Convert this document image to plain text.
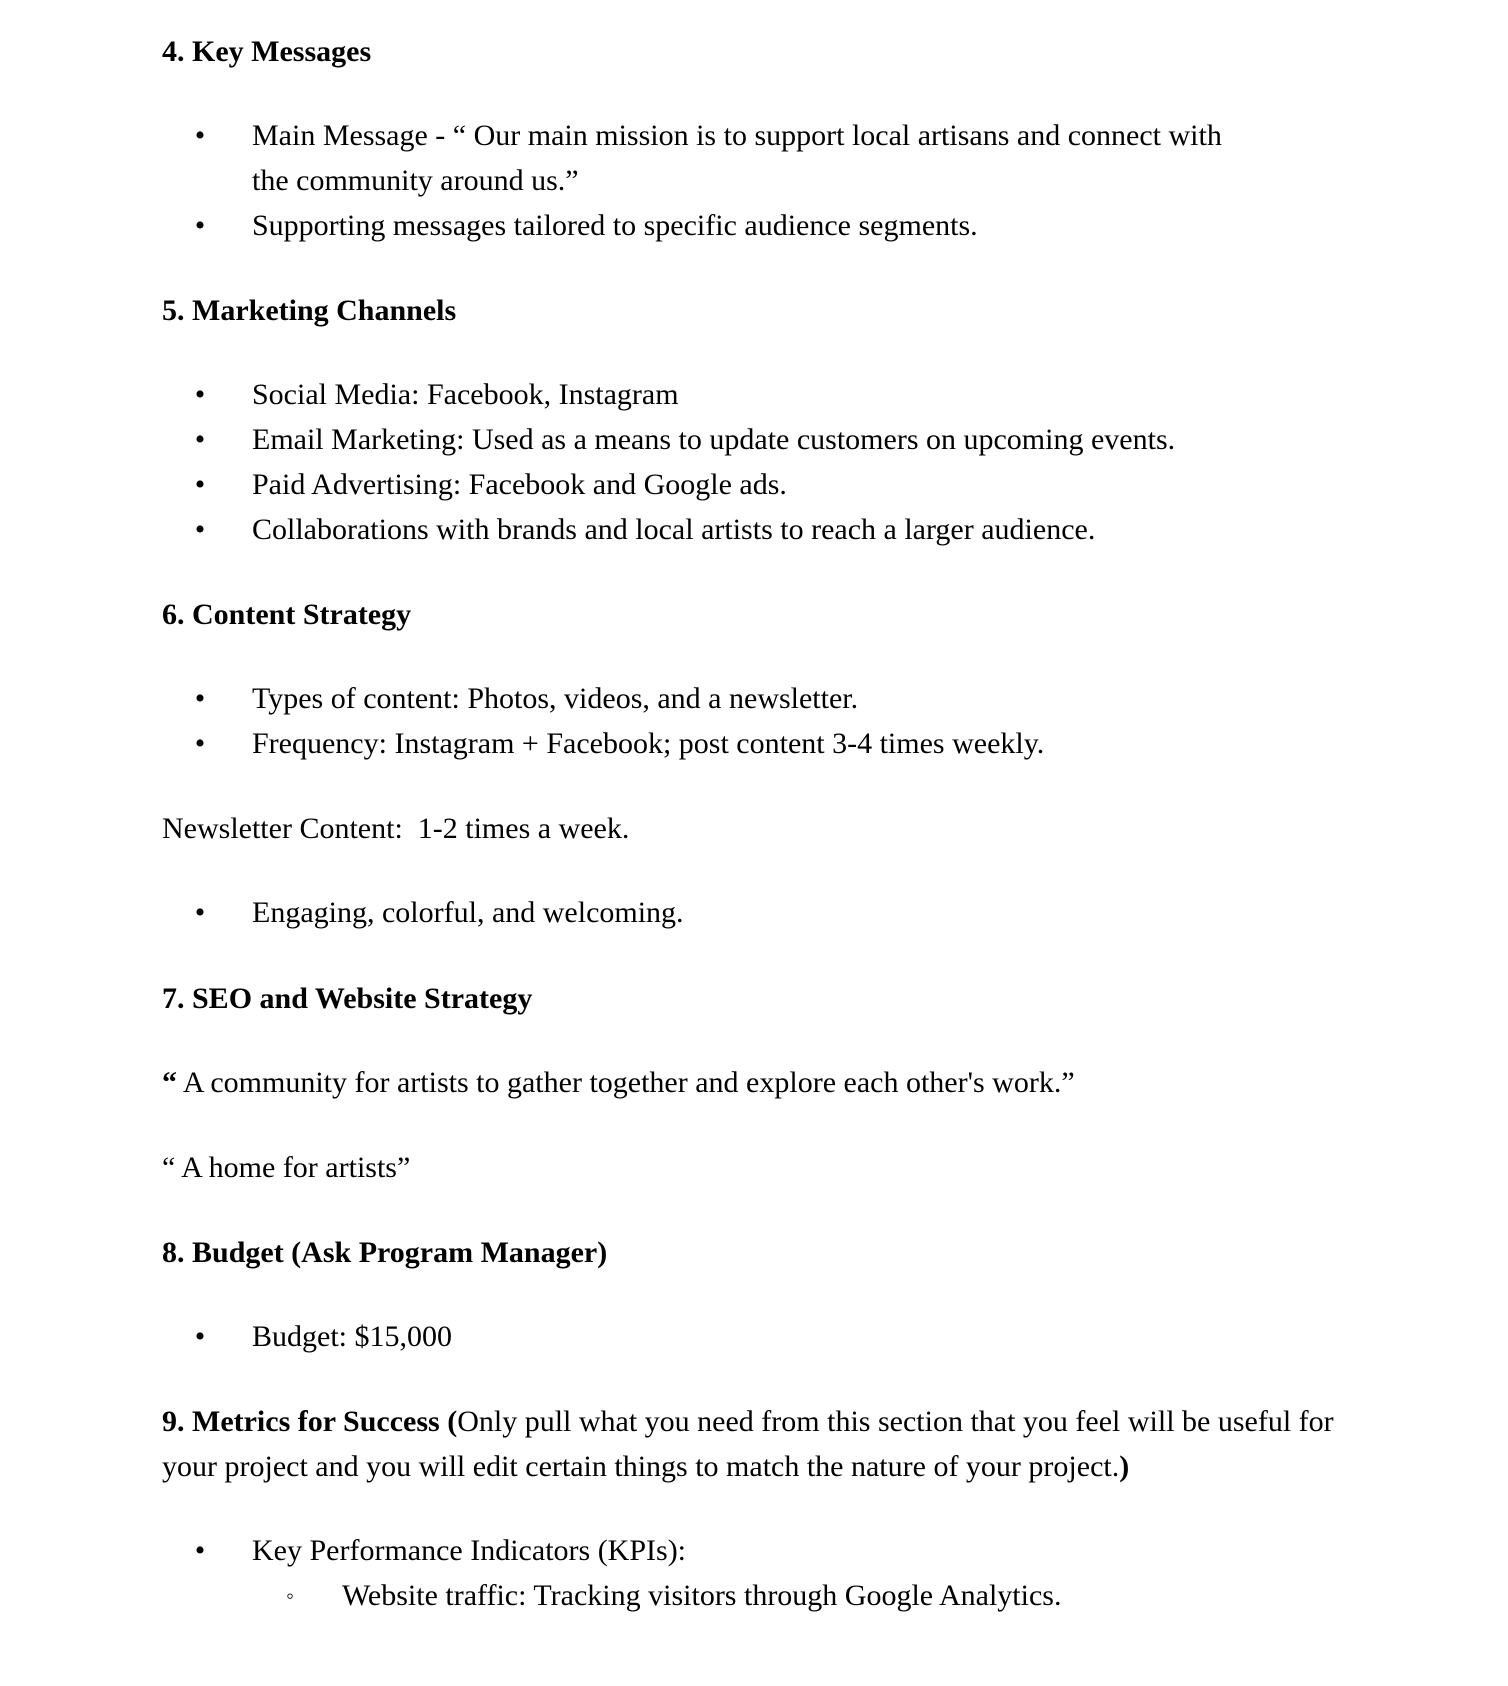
4. Key Messages
• Main Message - “ Our main mission is to support local artisans and connect with the community around us.”
• Supporting messages tailored to specific audience segments.
5. Marketing Channels
• Social Media: Facebook, Instagram
• Email Marketing: Used as a means to update customers on upcoming events.
• Paid Advertising: Facebook and Google ads.
• Collaborations with brands and local artists to reach a larger audience.
6. Content Strategy
• Types of content: Photos, videos, and a newsletter.
• Frequency: Instagram + Facebook; post content 3-4 times weekly.
Newsletter Content:  1-2 times a week.
• Engaging, colorful, and welcoming.
7. SEO and Website Strategy
“ A community for artists to gather together and explore each other's work.”
“ A home for artists”
8. Budget (Ask Program Manager)
• Budget: $15,000
9. Metrics for Success (Only pull what you need from this section that you feel will be useful for your project and you will edit certain things to match the nature of your project.)
• Key Performance Indicators (KPIs):
◦ Website traffic: Tracking visitors through Google Analytics.
